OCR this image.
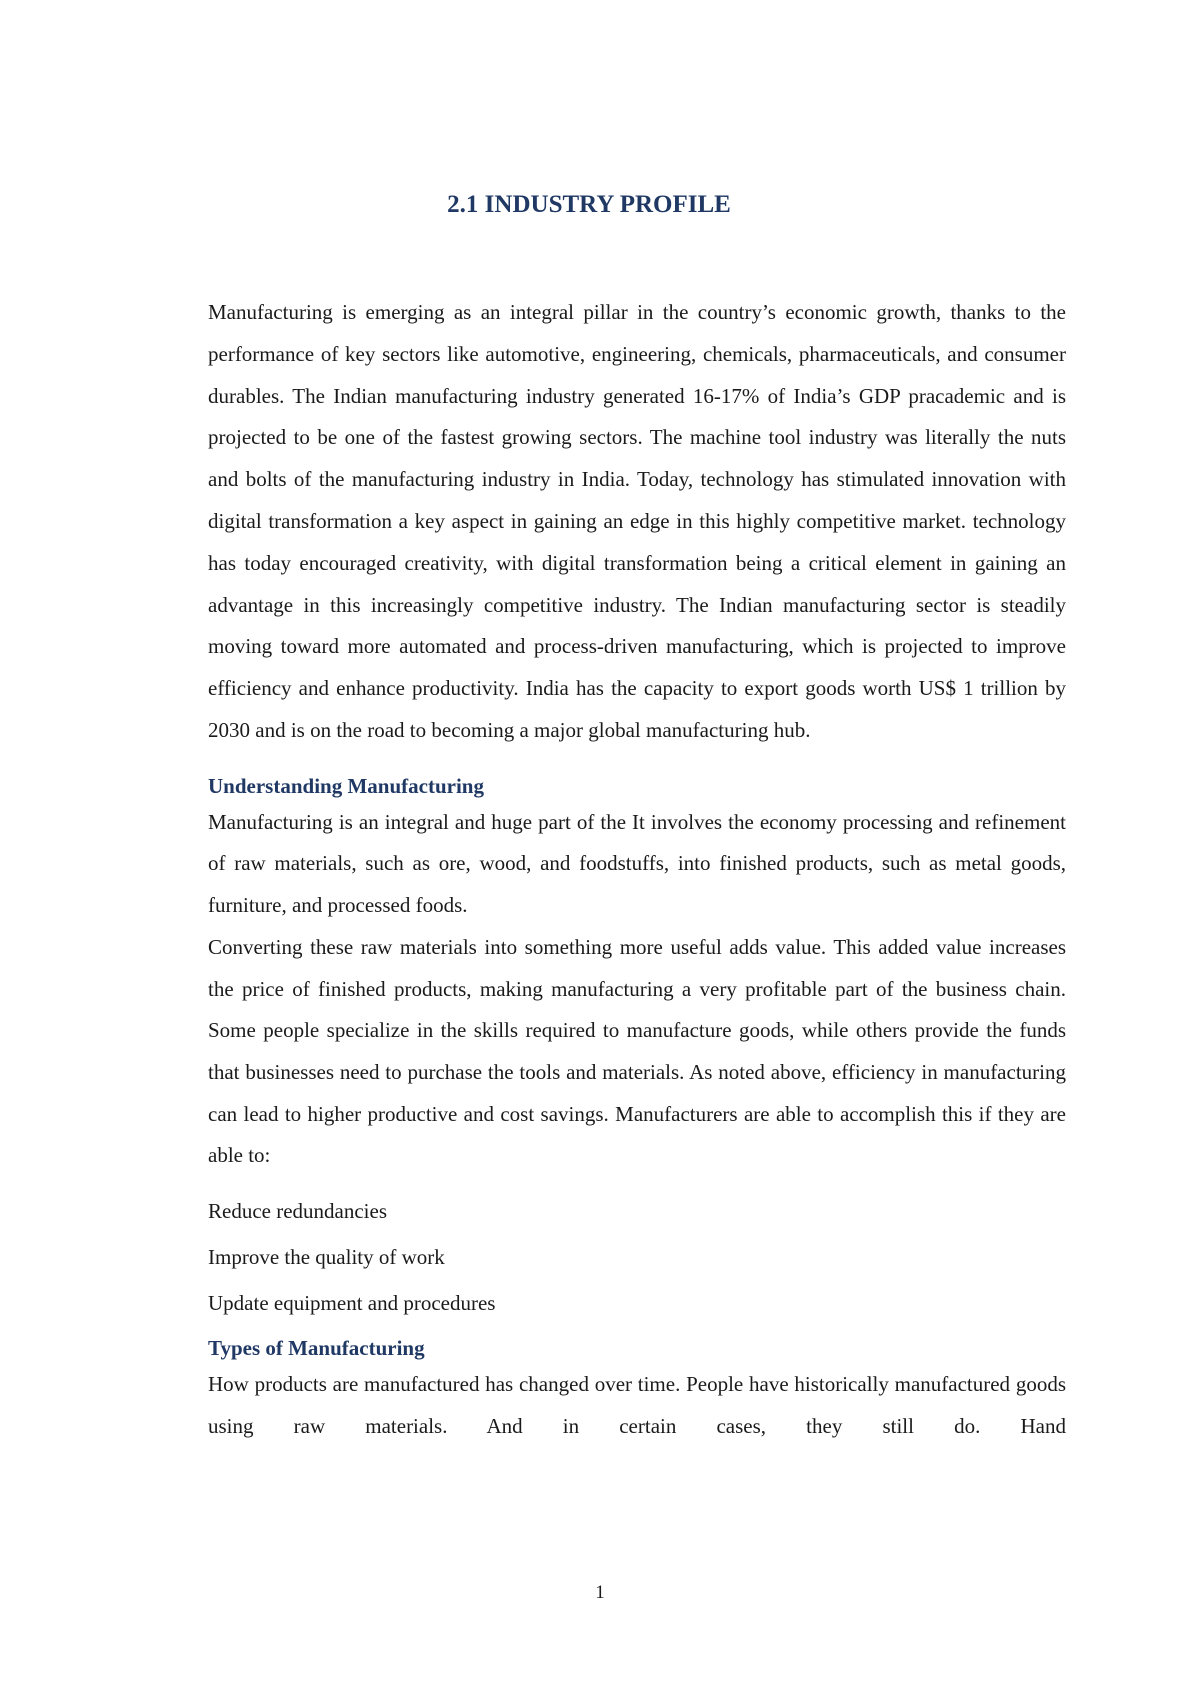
2.1 INDUSTRY PROFILE

Manufacturing is emerging as an integral pillar in the country’s economic growth, thanks to the performance of key sectors like automotive, engineering, chemicals, pharmaceuticals, and consumer durables. The Indian manufacturing industry generated 16-17% of India’s GDP pracademic and is projected to be one of the fastest growing sectors. The machine tool industry was literally the nuts and bolts of the manufacturing industry in India. Today, technology has stimulated innovation with digital transformation a key aspect in gaining an edge in this highly competitive market. technology has today encouraged creativity, with digital transformation being a critical element in gaining an advantage in this increasingly competitive industry. The Indian manufacturing sector is steadily moving toward more automated and process-driven manufacturing, which is projected to improve efficiency and enhance productivity. India has the capacity to export goods worth US$ 1 trillion by 2030 and is on the road to becoming a major global manufacturing hub.

Understanding Manufacturing

Manufacturing is an integral and huge part of the It involves the economy processing and refinement of raw materials, such as ore, wood, and foodstuffs, into finished products, such as metal goods, furniture, and processed foods.

Converting these raw materials into something more useful adds value. This added value increases the price of finished products, making manufacturing a very profitable part of the business chain. Some people specialize in the skills required to manufacture goods, while others provide the funds that businesses need to purchase the tools and materials. As noted above, efficiency in manufacturing can lead to higher productive and cost savings. Manufacturers are able to accomplish this if they are able to:

Reduce redundancies
Improve the quality of work
Update equipment and procedures
Types of Manufacturing

How products are manufactured has changed over time. People have historically manufactured goods using raw materials. And in certain cases, they still do. Hand

1
